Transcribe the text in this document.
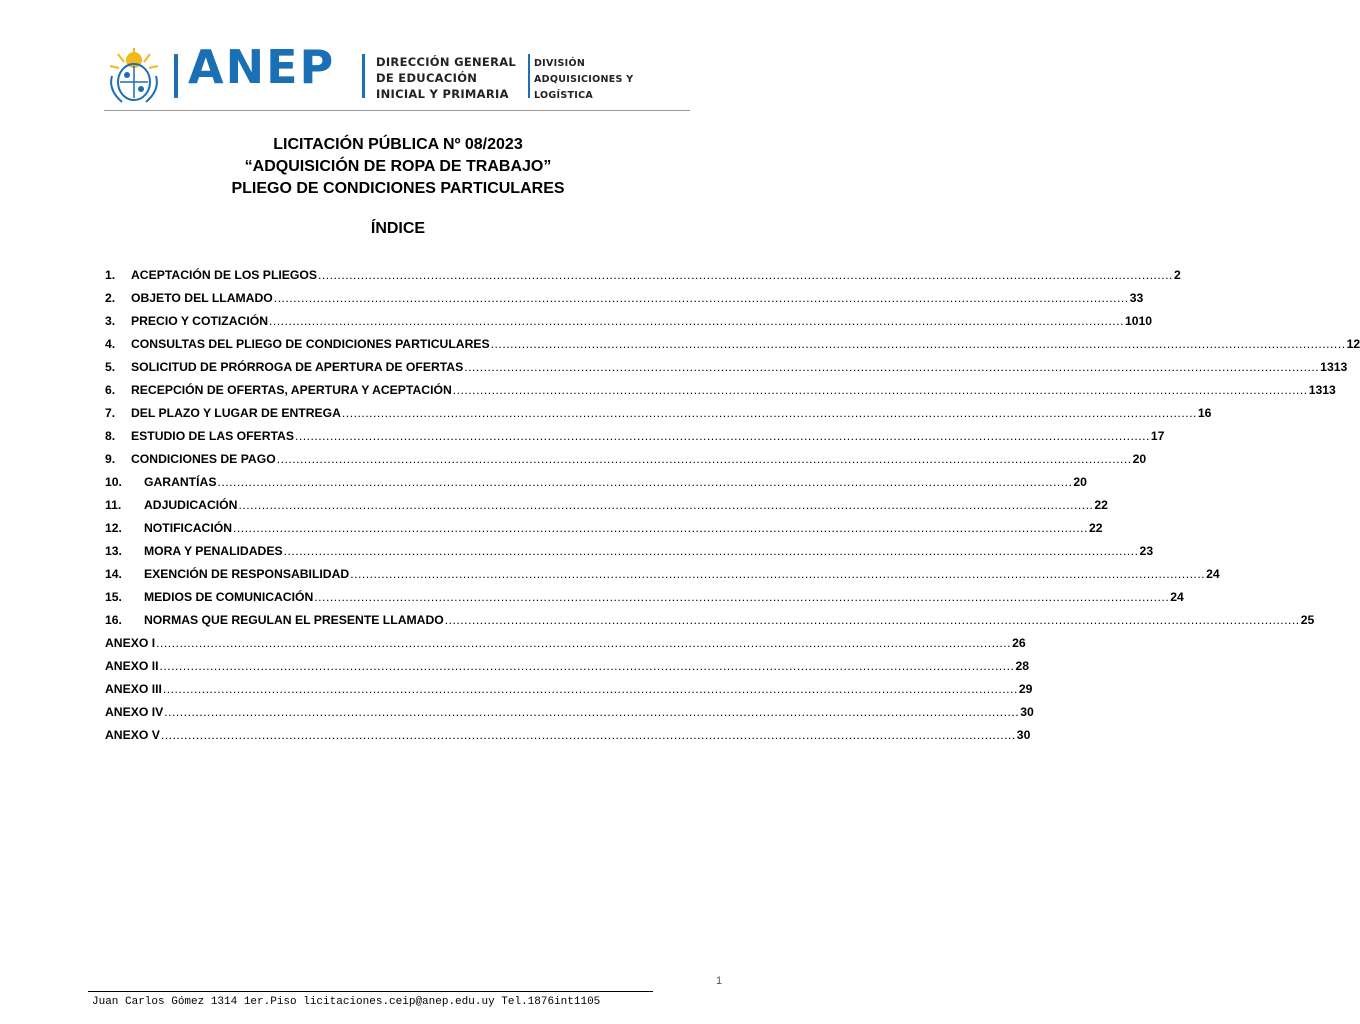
ANEP	DIRECCIÓN GENERAL
DE EDUCACIÓN
INICIAL Y PRIMARIA
DIVISIÓN
ADQUISICIONES Y
LOGÍSTICA
LICITACIÓN PÚBLICA Nº 08/2023
“ADQUISICIÓN DE ROPA DE TRABAJO”
PLIEGO DE CONDICIONES PARTICULARES
ÍNDICE
1.	ACEPTACIÓN DE LOS PLIEGOS ............................................................................................................................................................................................................................ 2
2.	OBJETO DEL LLAMADO ............................................................................................................................................................................................................................ 33
3.	PRECIO Y COTIZACIÓN ............................................................................................................................................................................................................................ 1010
4.	CONSULTAS DEL PLIEGO DE CONDICIONES PARTICULARES ............................................................................................................................................................................................................................ 12
5.	SOLICITUD DE PRÓRROGA DE APERTURA DE OFERTAS ............................................................................................................................................................................................................................ 1313
6.	RECEPCIÓN DE OFERTAS, APERTURA Y ACEPTACIÓN ............................................................................................................................................................................................................................ 1313
7.	DEL PLAZO Y LUGAR DE ENTREGA ............................................................................................................................................................................................................................ 16
8.	ESTUDIO DE LAS OFERTAS ............................................................................................................................................................................................................................ 17
9.	CONDICIONES DE PAGO ............................................................................................................................................................................................................................ 20
10.	GARANTÍAS ............................................................................................................................................................................................................................ 20
11.	ADJUDICACIÓN ............................................................................................................................................................................................................................ 22
12.	NOTIFICACIÓN ............................................................................................................................................................................................................................ 22
13.	MORA Y PENALIDADES ............................................................................................................................................................................................................................ 23
14.	EXENCIÓN DE RESPONSABILIDAD ............................................................................................................................................................................................................................ 24
15.	MEDIOS DE COMUNICACIÓN ............................................................................................................................................................................................................................ 24
16.	NORMAS QUE REGULAN EL PRESENTE LLAMADO ............................................................................................................................................................................................................................ 25
ANEXO I ............................................................................................................................................................................................................................ 26
ANEXO II ............................................................................................................................................................................................................................ 28
ANEXO III ............................................................................................................................................................................................................................ 29
ANEXO IV ............................................................................................................................................................................................................................ 30
ANEXO V ............................................................................................................................................................................................................................ 30
1
Juan Carlos Gómez 1314 1er.Piso licitaciones.ceip@anep.edu.uy Tel.1876int1105
